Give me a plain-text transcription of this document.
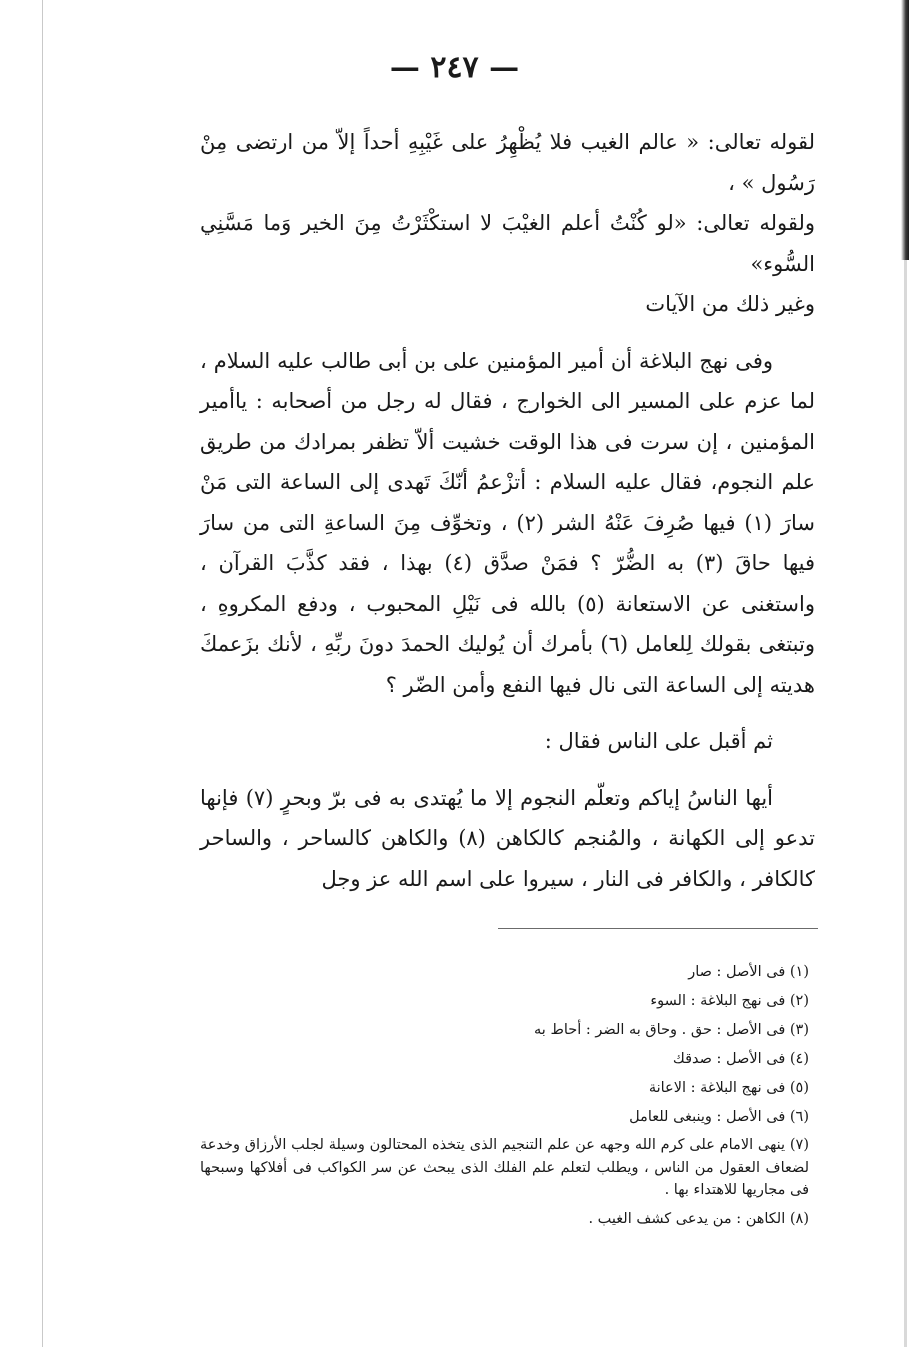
— ٢٤٧ —

لقوله تعالى: « عالم الغيب فلا يُظْهِرُ على غَيْبِهِ أحداً إلاّ من ارتضى مِنْ رَسُول » ،

ولقوله تعالى: «لو كُنْتُ أعلم الغيْبَ لا استكْثَرْتُ مِنَ الخير وَما مَسَّنِي السُّوء»

وغير ذلك من الآيات

وفى نهج البلاغة أن أمير المؤمنين على بن أبى طالب عليه السلام ، لما عزم على المسير الى الخوارج ، فقال له رجل من أصحابه : ياأمير المؤمنين ، إن سرت فى هذا الوقت خشيت ألاّ تظفر بمرادك من طريق علم النجوم، فقال عليه السلام : أتزْعمُ أنّكَ تَهدى إلى الساعة التى مَنْ سارَ (١) فيها صُرِفَ عَنْهُ الشر (٢) ، وتخوِّف مِنَ الساعةِ التى من سارَ فيها حاقَ (٣) به الضُّرّ ؟ فمَنْ صدَّق (٤) بهذا ، فقد كذَّبَ القرآن ، واستغنى عن الاستعانة (٥) بالله فى نَيْلِ المحبوب ، ودفع المكروهِ ، وتبتغى بقولك لِلعامل (٦) بأمرك أن يُوليك الحمدَ دونَ ربِّهِ ، لأنك بزَعمكَ هديته إلى الساعة التى نال فيها النفع وأمن الضّر ؟

ثم أقبل على الناس فقال :

أيها الناسُ إياكم وتعلّم النجوم إلا ما يُهتدى به فى برّ وبحرٍ (٧) فإنها تدعو إلى الكهانة ، والمُنجم كالكاهن (٨) والكاهن كالساحر ، والساحر كالكافر ، والكافر فى النار ، سيروا على اسم الله عز وجل

(١) فى الأصل : صار

(٢) فى نهج البلاغة : السوء

(٣) فى الأصل : حق . وحاق به الضر : أحاط به

(٤) فى الأصل : صدقك

(٥) فى نهج البلاغة : الاعانة

(٦) فى الأصل : وينبغى للعامل

(٧) ينهى الامام على كرم الله وجهه عن علم التنجيم الذى يتخذه المحتالون وسيلة لجلب الأرزاق وخدعة لضعاف العقول من الناس ، ويطلب لتعلم علم الفلك الذى يبحث عن سر الكواكب فى أفلاكها وسبحها فى مجاريها للاهتداء بها .

(٨) الكاهن : من يدعى كشف الغيب .
